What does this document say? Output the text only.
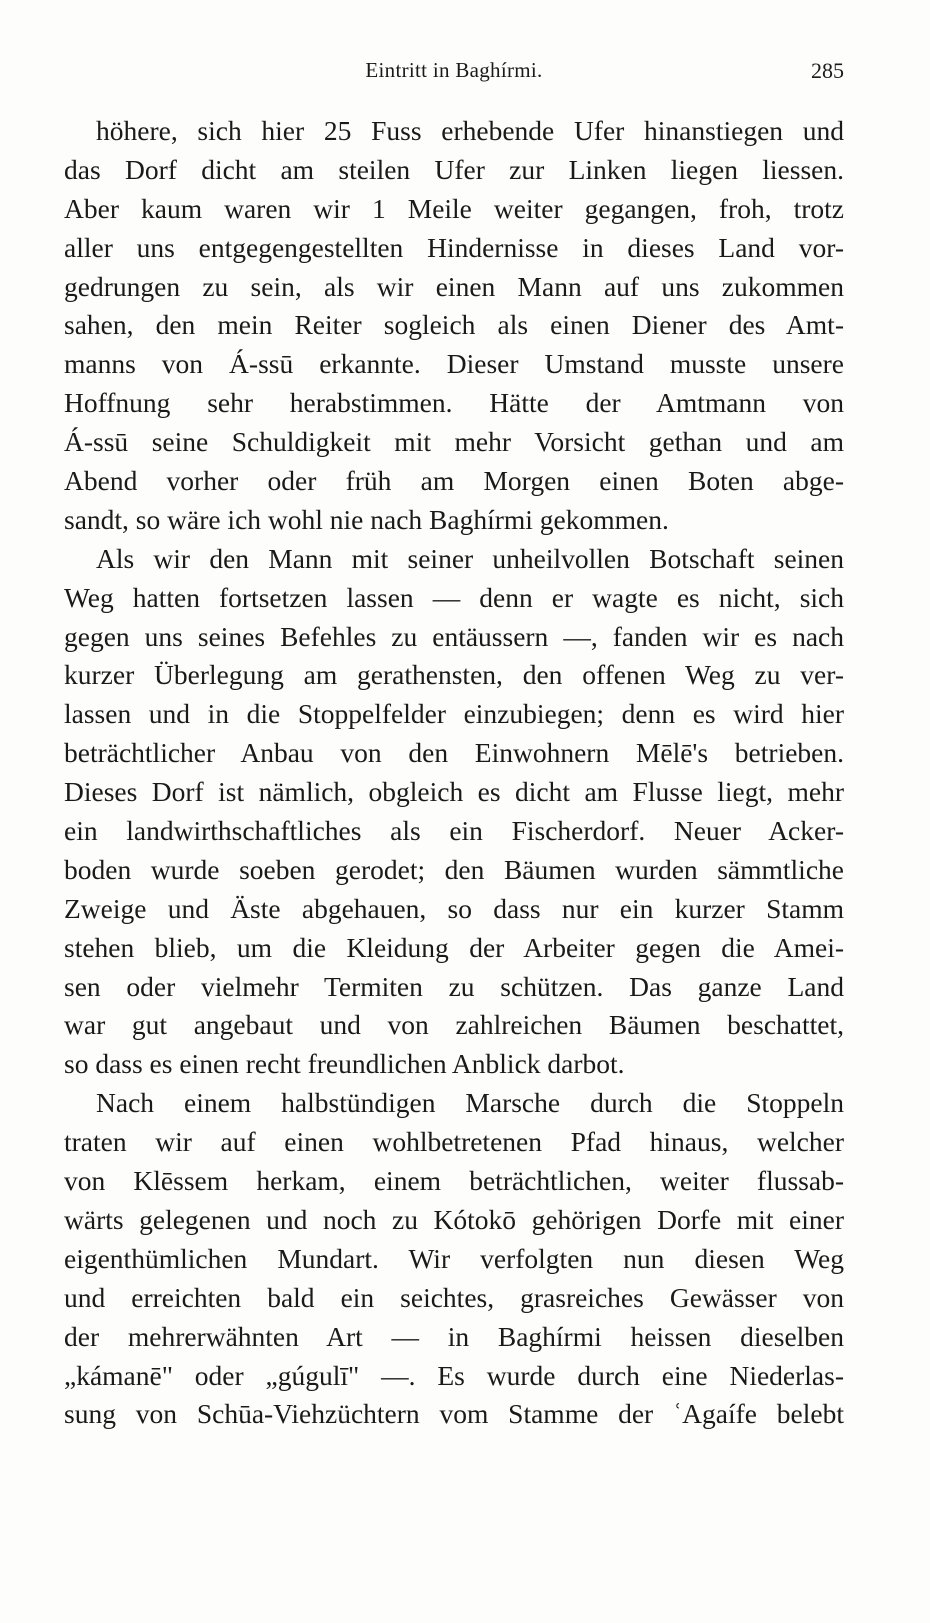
Eintritt in Baghírmi.	285
höhere, sich hier 25 Fuss erhebende Ufer hinanstiegen und
das Dorf dicht am steilen Ufer zur Linken liegen liessen.
Aber kaum waren wir 1 Meile weiter gegangen, froh, trotz
aller uns entgegengestellten Hindernisse in dieses Land vor-
gedrungen zu sein, als wir einen Mann auf uns zukommen
sahen, den mein Reiter sogleich als einen Diener des Amt-
manns von Á-ssū erkannte. Dieser Umstand musste unsere
Hoffnung sehr herabstimmen. Hätte der Amtmann von
Á-ssū seine Schuldigkeit mit mehr Vorsicht gethan und am
Abend vorher oder früh am Morgen einen Boten abge-
sandt, so wäre ich wohl nie nach Baghírmi gekommen.
Als wir den Mann mit seiner unheilvollen Botschaft seinen
Weg hatten fortsetzen lassen — denn er wagte es nicht, sich
gegen uns seines Befehles zu entäussern —, fanden wir es nach
kurzer Überlegung am gerathensten, den offenen Weg zu ver-
lassen und in die Stoppelfelder einzubiegen; denn es wird hier
beträchtlicher Anbau von den Einwohnern Mēlē's betrieben.
Dieses Dorf ist nämlich, obgleich es dicht am Flusse liegt, mehr
ein landwirthschaftliches als ein Fischerdorf. Neuer Acker-
boden wurde soeben gerodet; den Bäumen wurden sämmtliche
Zweige und Äste abgehauen, so dass nur ein kurzer Stamm
stehen blieb, um die Kleidung der Arbeiter gegen die Amei-
sen oder vielmehr Termiten zu schützen. Das ganze Land
war gut angebaut und von zahlreichen Bäumen beschattet,
so dass es einen recht freundlichen Anblick darbot.
Nach einem halbstündigen Marsche durch die Stoppeln
traten wir auf einen wohlbetretenen Pfad hinaus, welcher
von Klēssem herkam, einem beträchtlichen, weiter flussab-
wärts gelegenen und noch zu Kótokō gehörigen Dorfe mit einer
eigenthümlichen Mundart. Wir verfolgten nun diesen Weg
und erreichten bald ein seichtes, grasreiches Gewässer von
der mehrerwähnten Art — in Baghírmi heissen dieselben
„kámanē" oder „gúgulī" —. Es wurde durch eine Niederlas-
sung von Schūa-Viehzüchtern vom Stamme der ʿAgaífe belebt
